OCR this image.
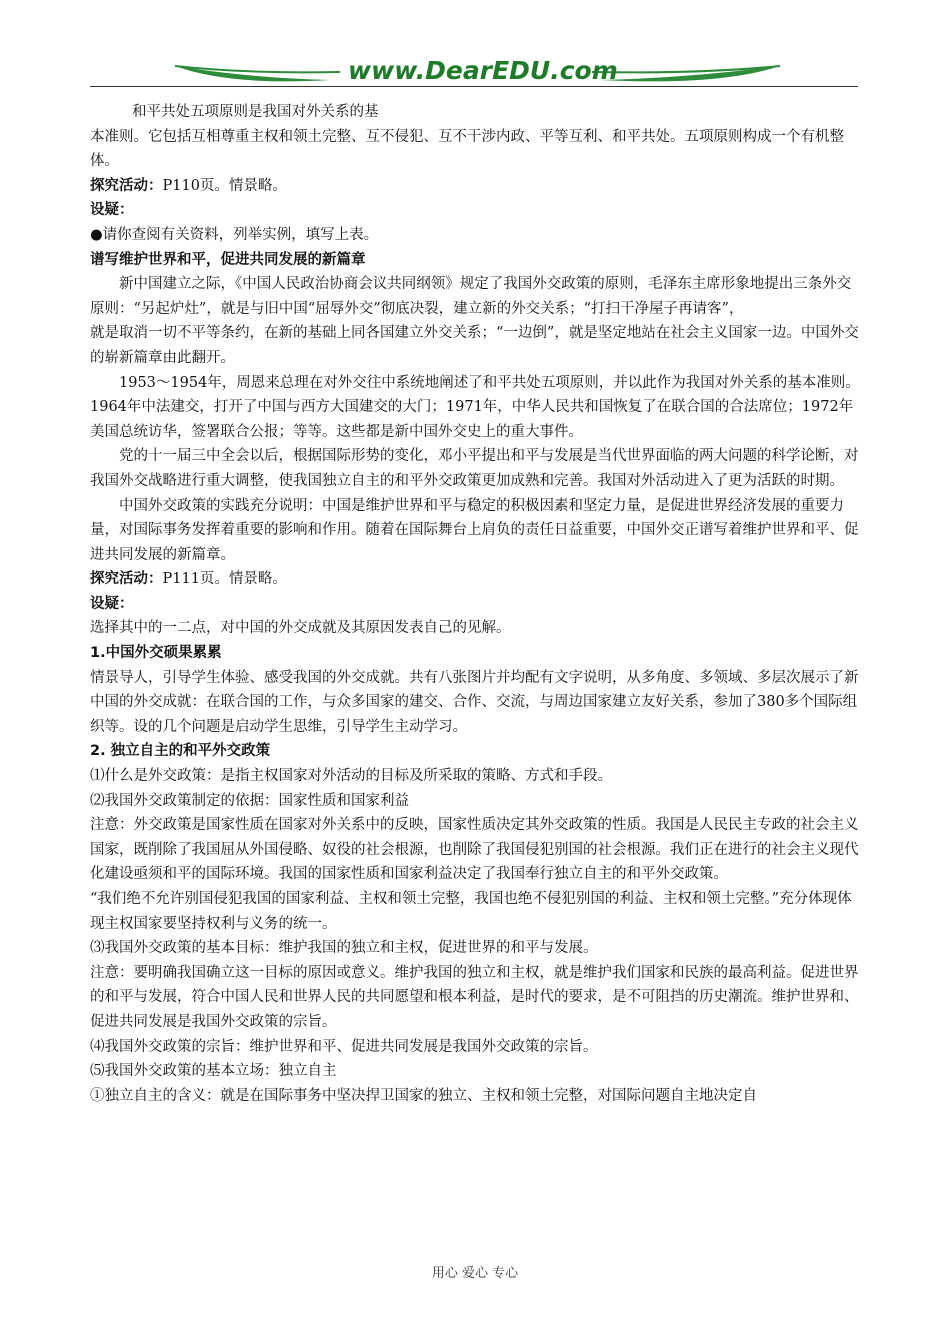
www.DearEDU.com

和平共处五项原则是我国对外关系的基

本准则。它包括互相尊重主权和领土完整、互不侵犯、互不干涉内政、平等互利、和平共处。五项原则构成一个有机整体。

探究活动：P110页。情景略。

设疑：

●请你查阅有关资料，列举实例，填写上表。

谱写维护世界和平，促进共同发展的新篇章

新中国建立之际，《中国人民政治协商会议共同纲领》规定了我国外交政策的原则，毛泽东主席形象地提出三条外交原则：“另起炉灶”，就是与旧中国“屈辱外交”彻底决裂，建立新的外交关系；“打扫干净屋子再请客”，

就是取消一切不平等条约，在新的基础上同各国建立外交关系；“一边倒”，就是坚定地站在社会主义国家一边。中国外交的崭新篇章由此翻开。

1953～1954年，周恩来总理在对外交往中系统地阐述了和平共处五项原则，并以此作为我国对外关系的基本准则。1964年中法建交，打开了中国与西方大国建交的大门；1971年，中华人民共和国恢复了在联合国的合法席位；1972年美国总统访华，签署联合公报；等等。这些都是新中国外交史上的重大事件。

党的十一届三中全会以后，根据国际形势的变化，邓小平提出和平与发展是当代世界面临的两大问题的科学论断，对我国外交战略进行重大调整，使我国独立自主的和平外交政策更加成熟和完善。我国对外活动进入了更为活跃的时期。

中国外交政策的实践充分说明：中国是维护世界和平与稳定的积极因素和坚定力量，是促进世界经济发展的重要力量，对国际事务发挥着重要的影响和作用。随着在国际舞台上肩负的责任日益重要，中国外交正谱写着维护世界和平、促进共同发展的新篇章。

探究活动：P111页。情景略。

设疑：

选择其中的一二点，对中国的外交成就及其原因发表自己的见解。

1.中国外交硕果累累

情景导人，引导学生体验、感受我国的外交成就。共有八张图片并均配有文字说明，从多角度、多领域、多层次展示了新中国的外交成就：在联合国的工作，与众多国家的建交、合作、交流，与周边国家建立友好关系，参加了380多个国际组织等。设的几个问题是启动学生思维，引导学生主动学习。

2. 独立自主的和平外交政策

⑴什么是外交政策：是指主权国家对外活动的目标及所采取的策略、方式和手段。

⑵我国外交政策制定的依据：国家性质和国家利益

注意：外交政策是国家性质在国家对外关系中的反映，国家性质决定其外交政策的性质。我国是人民民主专政的社会主义国家，既削除了我国屈从外国侵略、奴役的社会根源，也削除了我国侵犯别国的社会根源。我们正在进行的社会主义现代化建设亟须和平的国际环境。我国的国家性质和国家利益决定了我国奉行独立自主的和平外交政策。

“我们绝不允许别国侵犯我国的国家利益、主权和领土完整，我国也绝不侵犯别国的利益、主权和领土完整。”充分体现体现主权国家要坚持权利与义务的统一。

⑶我国外交政策的基本目标：维护我国的独立和主权，促进世界的和平与发展。

注意：要明确我国确立这一目标的原因或意义。维护我国的独立和主权，就是维护我们国家和民族的最高利益。促进世界的和平与发展，符合中国人民和世界人民的共同愿望和根本利益，是时代的要求，是不可阻挡的历史潮流。维护世界和、促进共同发展是我国外交政策的宗旨。

⑷我国外交政策的宗旨：维护世界和平、促进共同发展是我国外交政策的宗旨。

⑸我国外交政策的基本立场：独立自主

①独立自主的含义：就是在国际事务中坚决捍卫国家的独立、主权和领土完整，对国际问题自主地决定自

用心 爱心 专心
